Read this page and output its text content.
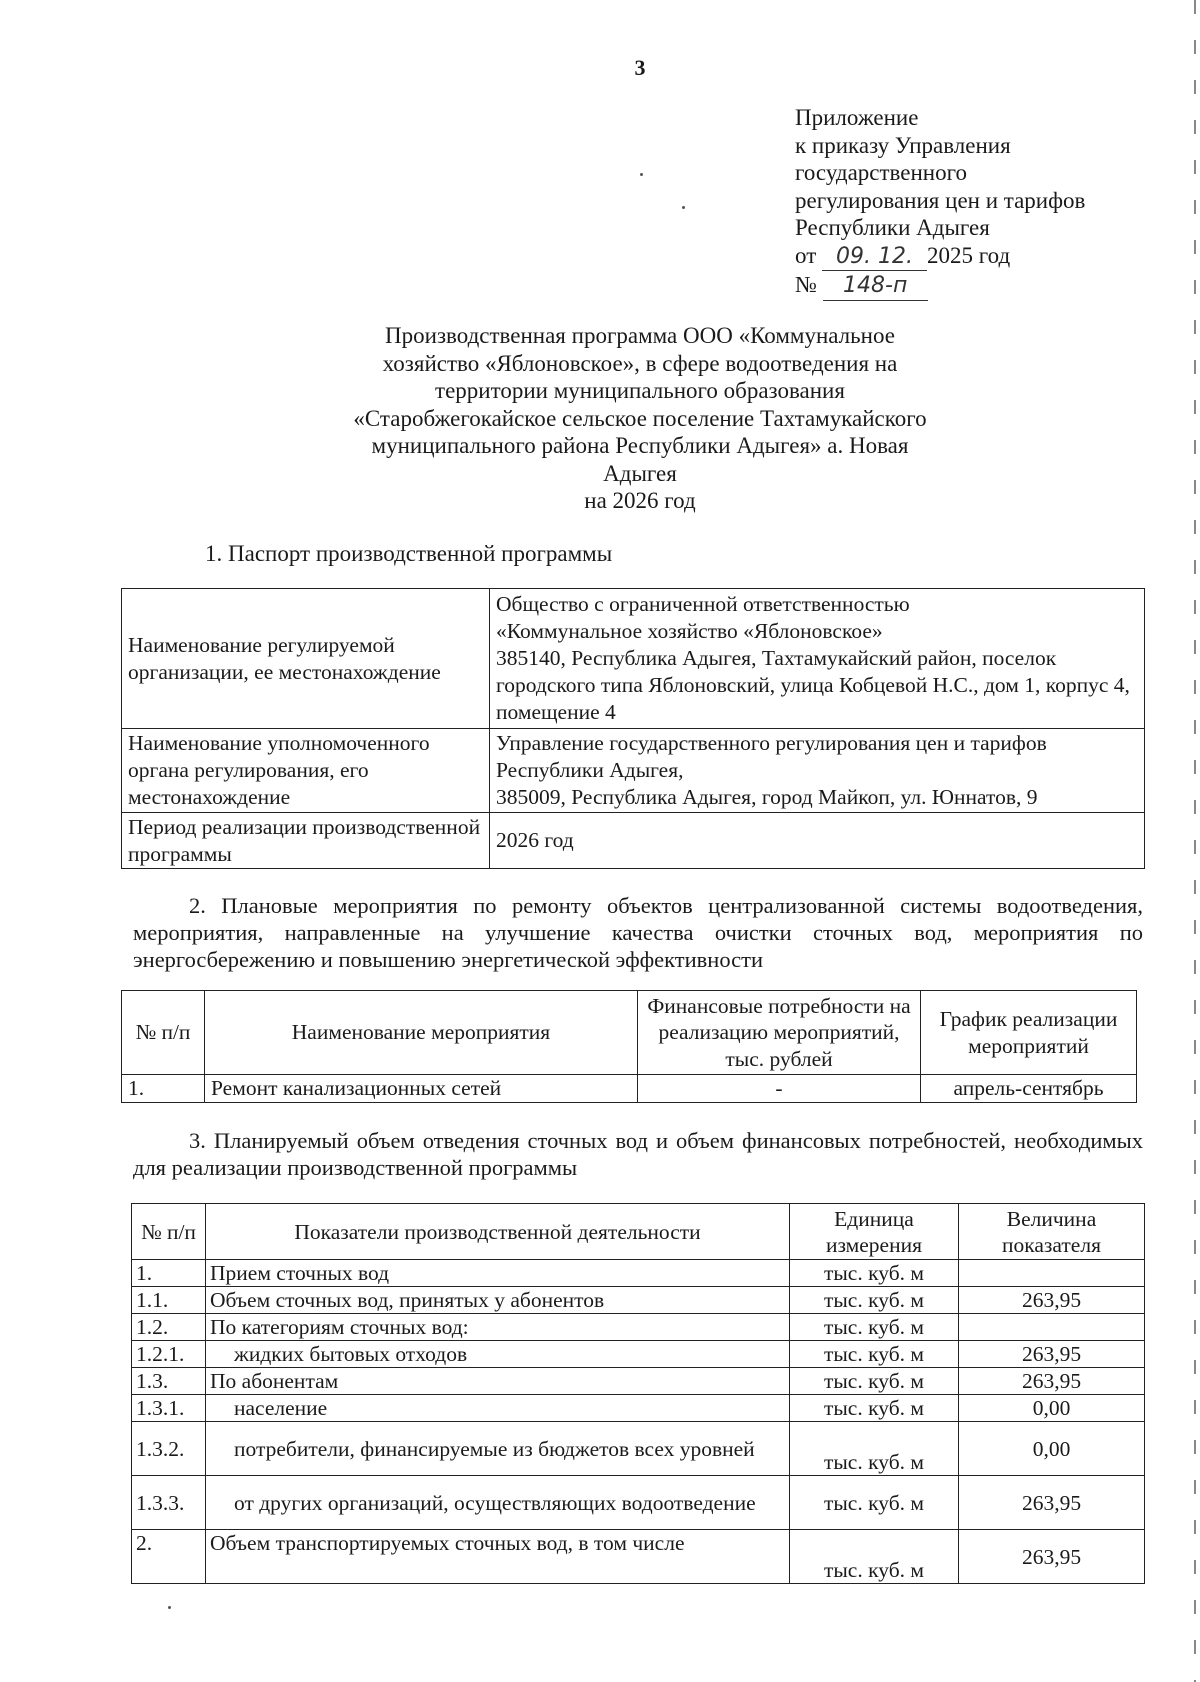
3
Приложение
к приказу Управления
государственного
регулирования цен и тарифов
Республики Адыгея
от 09. 12. 2025 год
№ 148-п
Производственная программа ООО «Коммунальное
хозяйство «Яблоновское», в сфере водоотведения на
территории муниципального образования
«Старобжегокайское сельское поселение Тахтамукайского
муниципального района Республики Адыгея» а. Новая
Адыгея
на 2026 год
1. Паспорт производственной программы
Наименование регулируемой организации, ее местонахождение	Общество с ограниченной ответственностью
«Коммунальное хозяйство «Яблоновское»
385140, Республика Адыгея, Тахтамукайский район, поселок городского типа Яблоновский, улица Кобцевой Н.С., дом 1, корпус 4, помещение 4

Наименование уполномоченного органа регулирования, его местонахождение	Управление государственного регулирования цен и тарифов Республики Адыгея,
385009, Республика Адыгея, город Майкоп, ул. Юннатов, 9

Период реализации производственной программы	2026 год
2. Плановые мероприятия по ремонту объектов централизованной системы водоотведения, мероприятия, направленные на улучшение качества очистки сточных вод, мероприятия по энергосбережению и повышению энергетической эффективности
№ п/п	Наименование мероприятия	Финансовые потребности на реализацию мероприятий, тыс. рублей	График реализации мероприятий
1.	Ремонт канализационных сетей	-	апрель-сентябрь
3. Планируемый объем отведения сточных вод и объем финансовых потребностей, необходимых для реализации производственной программы
№ п/п	Показатели производственной деятельности	Единица измерения	Величина показателя
1.	Прием сточных вод	тыс. куб. м	
1.1.	Объем сточных вод, принятых у абонентов	тыс. куб. м	263,95
1.2.	По категориям сточных вод:	тыс. куб. м	
1.2.1.	жидких бытовых отходов	тыс. куб. м	263,95
1.3.	По абонентам	тыс. куб. м	263,95
1.3.1.	население	тыс. куб. м	0,00
1.3.2.	потребители, финансируемые из бюджетов всех уровней	тыс. куб. м	0,00
1.3.3.	от других организаций, осуществляющих водоотведение	тыс. куб. м	263,95
2.	Объем транспортируемых сточных вод, в том числе	тыс. куб. м	263,95
